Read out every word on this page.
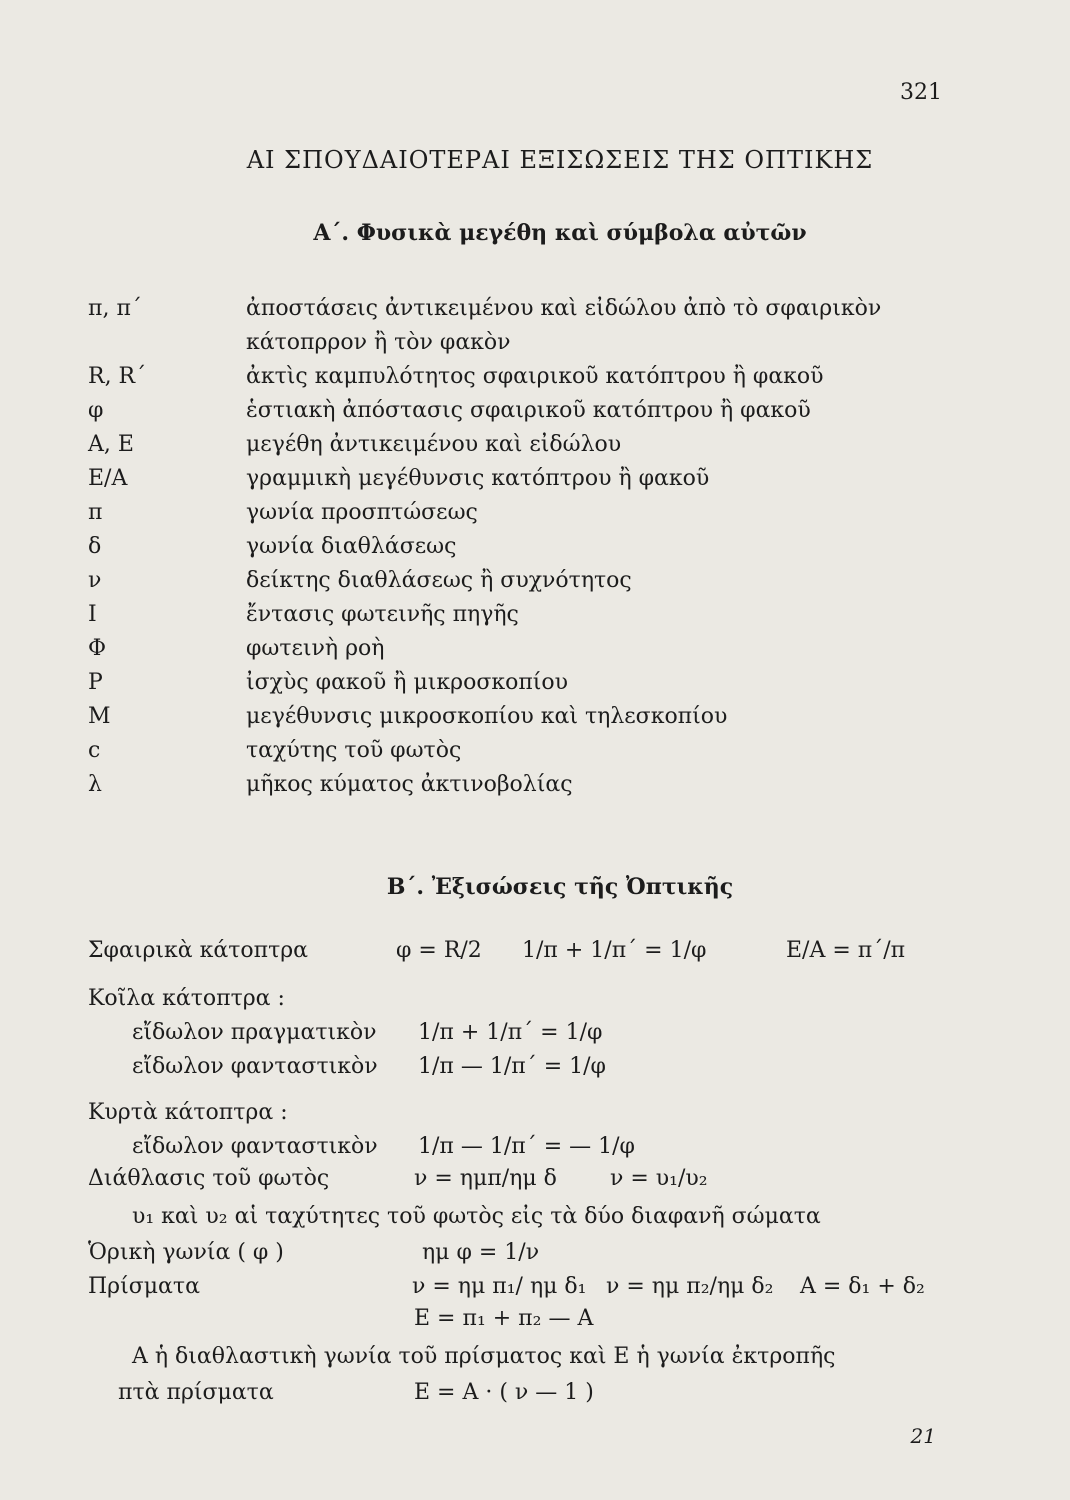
321
ΑΙ ΣΠΟΥΔΑΙΟΤΕΡΑΙ ΕΞΙΣΩΣΕΙΣ ΤΗΣ ΟΠΤΙΚΗΣ
Α΄. Φυσικὰ μεγέθη καὶ σύμβολα αὐτῶν
π, π΄	ἀποστάσεις ἀντικειμένου καὶ εἰδώλου ἀπὸ τὸ σφαιρικὸν
κάτοπρρον ἢ τὸν φακὸν
R, R΄	ἀκτὶς καμπυλότητος σφαιρικοῦ κατόπτρου ἢ φακοῦ
φ	ἑστιακὴ ἀπόστασις σφαιρικοῦ κατόπτρου ἢ φακοῦ
A, E	μεγέθη ἀντικειμένου καὶ εἰδώλου
E/A	γραμμικὴ μεγέθυνσις κατόπτρου ἢ φακοῦ
π	γωνία προσπτώσεως
δ	γωνία διαθλάσεως
ν	δείκτης διαθλάσεως ἢ συχνότητος
I	ἔντασις φωτεινῆς πηγῆς
Φ	φωτεινὴ ροὴ
P	ἰσχὺς φακοῦ ἢ μικροσκοπίου
M	μεγέθυνσις μικροσκοπίου καὶ τηλεσκοπίου
c	ταχύτης τοῦ φωτὸς
λ	μῆκος κύματος ἀκτινοβολίας
Β΄. Ἐξισώσεις τῆς Ὀπτικῆς
Σφαιρικὰ κάτοπτρα	φ = R/2 1/π + 1/π΄ = 1/φ	E/A = π΄/π
Κοῖλα κάτοπτρα :
εἴδωλον πραγματικὸν 1/π + 1/π΄ = 1/φ
εἴδωλον φανταστικὸν 1/π — 1/π΄ = 1/φ
Κυρτὰ κάτοπτρα :
εἴδωλον φανταστικὸν 1/π — 1/π΄ = — 1/φ
Διάθλασις τοῦ φωτὸς	ν = ημπ/ημ δ ν = υ₁/υ₂
υ₁ καὶ υ₂ αἱ ταχύτητες τοῦ φωτὸς εἰς τὰ δύο διαφανῆ σώματα
Ὁρικὴ γωνία ( φ )	ημ φ = 1/ν
Πρίσματα	ν = ημ π₁/ ημ δ₁ ν = ημ π₂/ημ δ₂ A = δ₁ + δ₂
E = π₁ + π₂ — A
A ἡ διαθλαστικὴ γωνία τοῦ πρίσματος καὶ E ἡ γωνία ἐκτροπῆς
πτὰ πρίσματα	E = A · ( ν — 1 )
21
